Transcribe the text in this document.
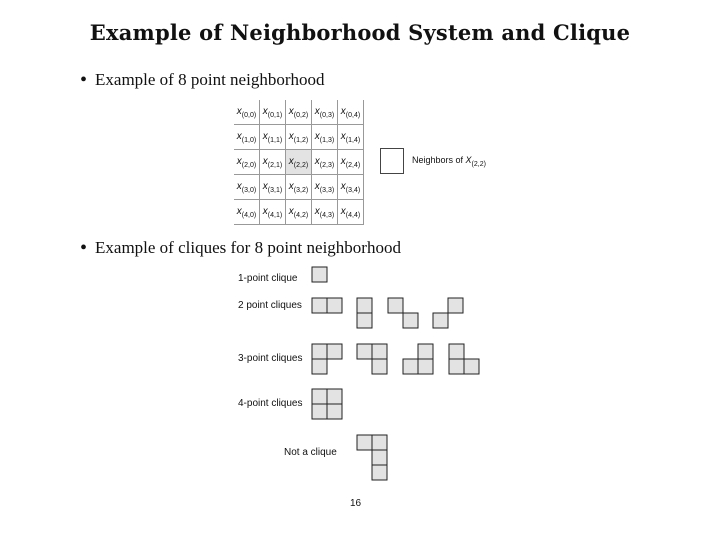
Example of Neighborhood System and Clique
• Example of 8 point neighborhood
$x_{(0,0)}$ $x_{(0,1)}$ $x_{(0,2)}$ $x_{(0,3)}$ $x_{(0,4)}$
$x_{(1,0)}$ $x_{(1,1)}$ $x_{(1,2)}$ $x_{(1,3)}$ $x_{(1,4)}$
$x_{(2,0)}$ $x_{(2,1)}$ $x_{(2,2)}$ $x_{(2,3)}$ $x_{(2,4)}$
$x_{(3,0)}$ $x_{(3,1)}$ $x_{(3,2)}$ $x_{(3,3)}$ $x_{(3,4)}$
$x_{(4,0)}$ $x_{(4,1)}$ $x_{(4,2)}$ $x_{(4,3)}$ $x_{(4,4)}$
Neighbors of $X_{(2,2)}$
• Example of cliques for 8 point neighborhood
1-point clique
2 point cliques
3-point cliques
4-point cliques
Not a clique
16
